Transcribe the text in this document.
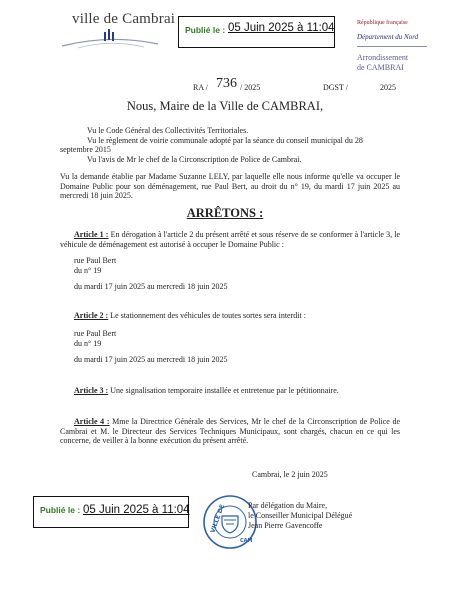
ville de Cambrai
Publié le : 05 Juin 2025 à 11:04	République française
Département du Nord
Arrondissement
de CAMBRAI
RA / 736 / 2025	DGST /	2025
Nous, Maire de la Ville de CAMBRAI,
Vu le Code Général des Collectivités Territoriales.
Vu le règlement de voirie communale adopté par la séance du conseil municipal du 28
septembre 2015
Vu l'avis de Mr le chef de la Circonscription de Police de Cambrai.
Vu la demande établie par Madame Suzanne LELY, par laquelle elle nous informe qu'elle va occuper le Domaine Public pour son déménagement, rue Paul Bert, au droit du n° 19, du mardi 17 juin 2025 au mercredi 18 juin 2025.
ARRÊTONS :
Article 1 : En dérogation à l'article 2 du présent arrêté et sous réserve de se conformer à l'article 3, le véhicule de déménagement est autorisé à occuper le Domaine Public :
rue Paul Bert
du n° 19
du mardi 17 juin 2025 au mercredi 18 juin 2025
Article 2 : Le stationnement des véhicules de toutes sortes sera interdit :
rue Paul Bert
du n° 19
du mardi 17 juin 2025 au mercredi 18 juin 2025
Article 3 : Une signalisation temporaire installée et entretenue par le pétitionnaire.
Article 4 : Mme la Directrice Générale des Services, Mr le chef de la Circonscription de Police de Cambrai et M. le Directeur des Services Techniques Municipaux, sont chargés, chacun en ce qui les concerne, de veiller à la bonne exécution du présent arrêté.
Cambrai, le 2 juin 2025
VILLE DE
CAM
Par délégation du Maire,
le Conseiller Municipal Délégué
Jean Pierre Gavencoffe
Publié le : 05 Juin 2025 à 11:04
